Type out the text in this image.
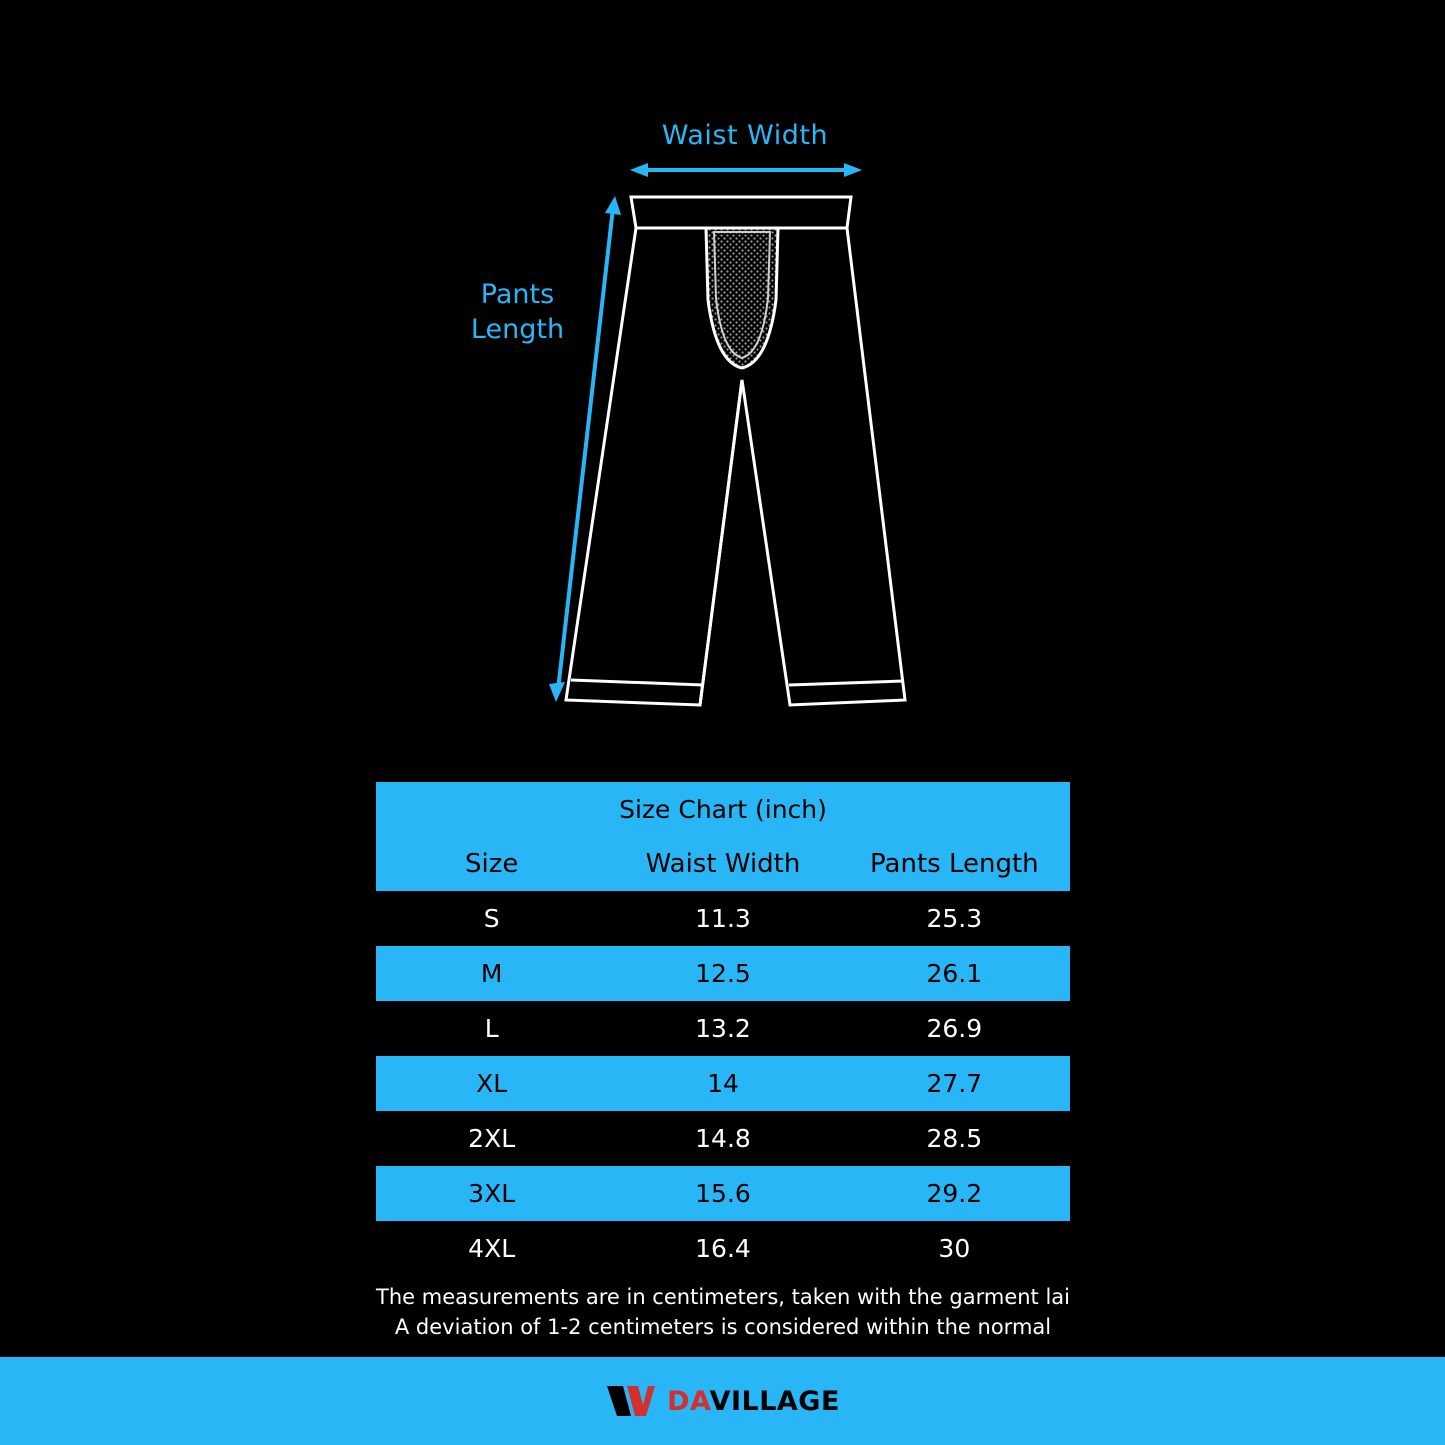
Waist Width
Pants
Length
Size Chart (inch)		
Size	Waist Width	Pants Length
S	11.3	25.3
M	12.5	26.1
L	13.2	26.9
XL	14	27.7
2XL	14.8	28.5
3XL	15.6	29.2
4XL	16.4	30
The measurements are in centimeters, taken with the garment lai
A deviation of 1-2 centimeters is considered within the normal
DAVILLAGE
